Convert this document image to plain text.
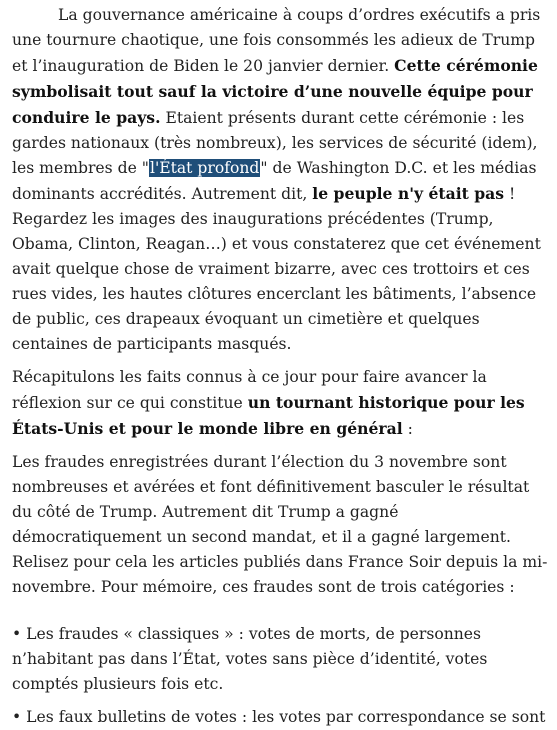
La gouvernance américaine à coups d’ordres exécutifs a pris une tournure chaotique, une fois consommés les adieux de Trump et l’inauguration de Biden le 20 janvier dernier. Cette cérémonie symbolisait tout sauf la victoire d’une nouvelle équipe pour conduire le pays. Etaient présents durant cette cérémonie : les gardes nationaux (très nombreux), les services de sécurité (idem), les membres de "l'État profond" de Washington D.C. et les médias dominants accrédités. Autrement dit, le peuple n'y était pas ! Regardez les images des inaugurations précédentes (Trump, Obama, Clinton, Reagan…) et vous constaterez que cet événement avait quelque chose de vraiment bizarre, avec ces trottoirs et ces rues vides, les hautes clôtures encerclant les bâtiments, l’absence de public, ces drapeaux évoquant un cimetière et quelques centaines de participants masqués.

Récapitulons les faits connus à ce jour pour faire avancer la réflexion sur ce qui constitue un tournant historique pour les États-Unis et pour le monde libre en général :

Les fraudes enregistrées durant l’élection du 3 novembre sont nombreuses et avérées et font définitivement basculer le résultat du côté de Trump. Autrement dit Trump a gagné démocratiquement un second mandat, et il a gagné largement. Relisez pour cela les articles publiés dans France Soir depuis la mi-novembre. Pour mémoire, ces fraudes sont de trois catégories :

• Les fraudes « classiques » : votes de morts, de personnes n’habitant pas dans l’État, votes sans pièce d’identité, votes comptés plusieurs fois etc.

• Les faux bulletins de votes : les votes par correspondance se sont
